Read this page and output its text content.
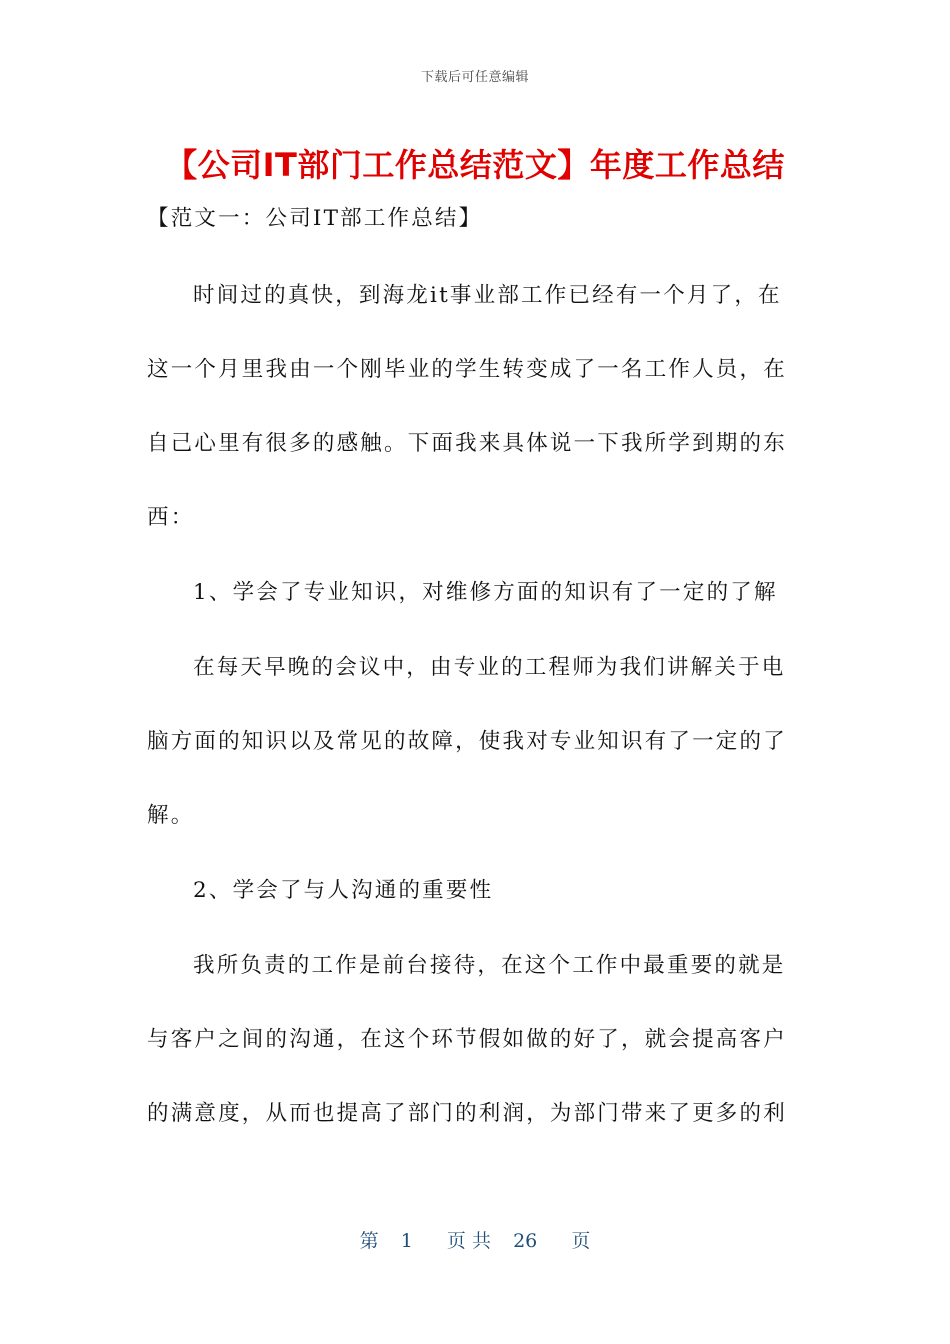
下载后可任意编辑
【公司IT部门工作总结范文】年度工作总结
【范文一：公司IT部工作总结】
时间过的真快，到海龙it事业部工作已经有一个月了，在
这一个月里我由一个刚毕业的学生转变成了一名工作人员，在
自己心里有很多的感触。下面我来具体说一下我所学到期的东
西：
1、学会了专业知识，对维修方面的知识有了一定的了解
在每天早晚的会议中，由专业的工程师为我们讲解关于电
脑方面的知识以及常见的故障，使我对专业知识有了一定的了
解。
2、学会了与人沟通的重要性
我所负责的工作是前台接待，在这个工作中最重要的就是
与客户之间的沟通，在这个环节假如做的好了，就会提高客户
的满意度，从而也提高了部门的利润，为部门带来了更多的利
第 1 页 共 26 页
